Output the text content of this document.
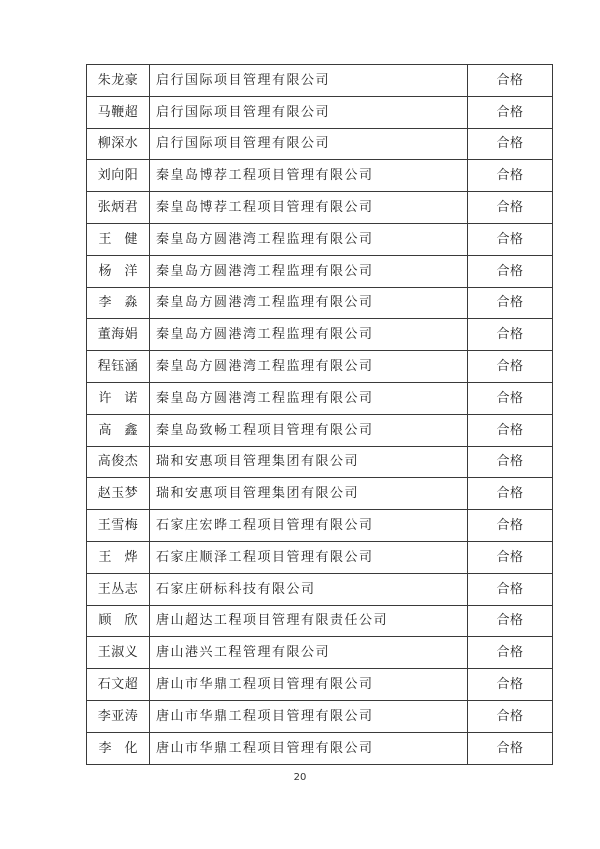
朱龙豪	启行国际项目管理有限公司	合格
马鞭超	启行国际项目管理有限公司	合格
柳深水	启行国际项目管理有限公司	合格
刘向阳	秦皇岛博荐工程项目管理有限公司	合格
张炳君	秦皇岛博荐工程项目管理有限公司	合格
王　健	秦皇岛方圆港湾工程监理有限公司	合格
杨　洋	秦皇岛方圆港湾工程监理有限公司	合格
李　淼	秦皇岛方圆港湾工程监理有限公司	合格
董海娟	秦皇岛方圆港湾工程监理有限公司	合格
程钰涵	秦皇岛方圆港湾工程监理有限公司	合格
许　诺	秦皇岛方圆港湾工程监理有限公司	合格
高　鑫	秦皇岛致畅工程项目管理有限公司	合格
高俊杰	瑞和安惠项目管理集团有限公司	合格
赵玉梦	瑞和安惠项目管理集团有限公司	合格
王雪梅	石家庄宏晔工程项目管理有限公司	合格
王　烨	石家庄顺泽工程项目管理有限公司	合格
王丛志	石家庄研标科技有限公司	合格
顾　欣	唐山超达工程项目管理有限责任公司	合格
王淑义	唐山港兴工程管理有限公司	合格
石文超	唐山市华鼎工程项目管理有限公司	合格
李亚涛	唐山市华鼎工程项目管理有限公司	合格
李　化	唐山市华鼎工程项目管理有限公司	合格
20
